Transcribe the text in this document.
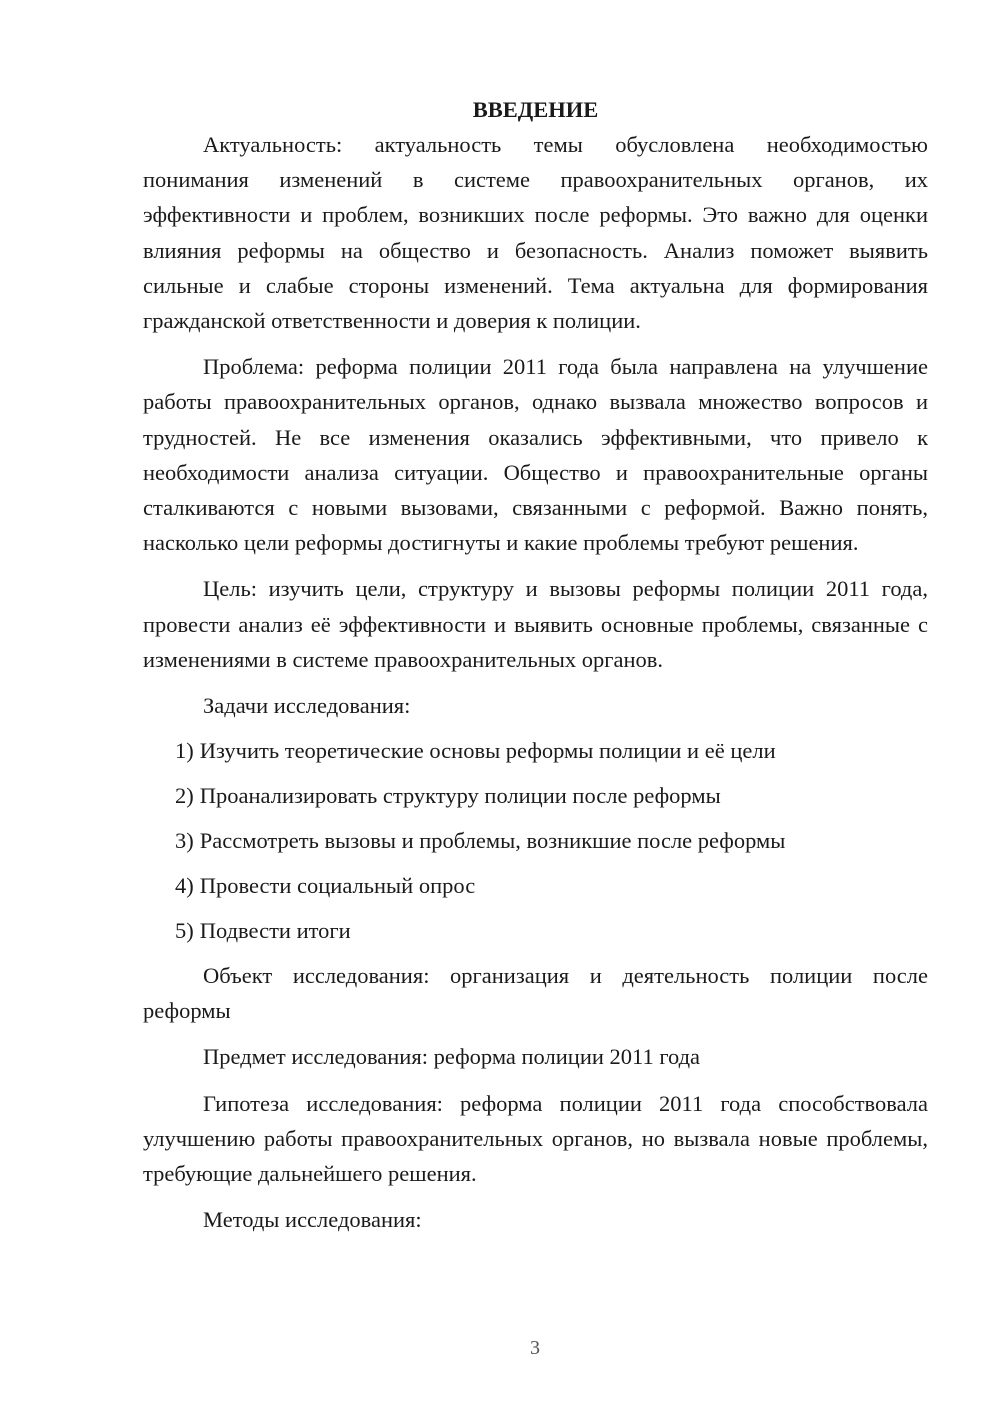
ВВЕДЕНИЕ

Актуальность: актуальность темы обусловлена необходимостью понимания изменений в системе правоохранительных органов, их эффективности и проблем, возникших после реформы. Это важно для оценки влияния реформы на общество и безопасность. Анализ поможет выявить сильные и слабые стороны изменений. Тема актуальна для формирования гражданской ответственности и доверия к полиции.

Проблема: реформа полиции 2011 года была направлена на улучшение работы правоохранительных органов, однако вызвала множество вопросов и трудностей. Не все изменения оказались эффективными, что привело к необходимости анализа ситуации. Общество и правоохранительные органы сталкиваются с новыми вызовами, связанными с реформой. Важно понять, насколько цели реформы достигнуты и какие проблемы требуют решения.

Цель: изучить цели, структуру и вызовы реформы полиции 2011 года, провести анализ её эффективности и выявить основные проблемы, связанные с изменениями в системе правоохранительных органов.

Задачи исследования:

1) Изучить теоретические основы реформы полиции и её цели
2) Проанализировать структуру полиции после реформы
3) Рассмотреть вызовы и проблемы, возникшие после реформы
4) Провести социальный опрос
5) Подвести итоги

Объект исследования: организация и деятельность полиции после реформы

Предмет исследования: реформа полиции 2011 года

Гипотеза исследования: реформа полиции 2011 года способствовала улучшению работы правоохранительных органов, но вызвала новые проблемы, требующие дальнейшего решения.

Методы исследования:

3
